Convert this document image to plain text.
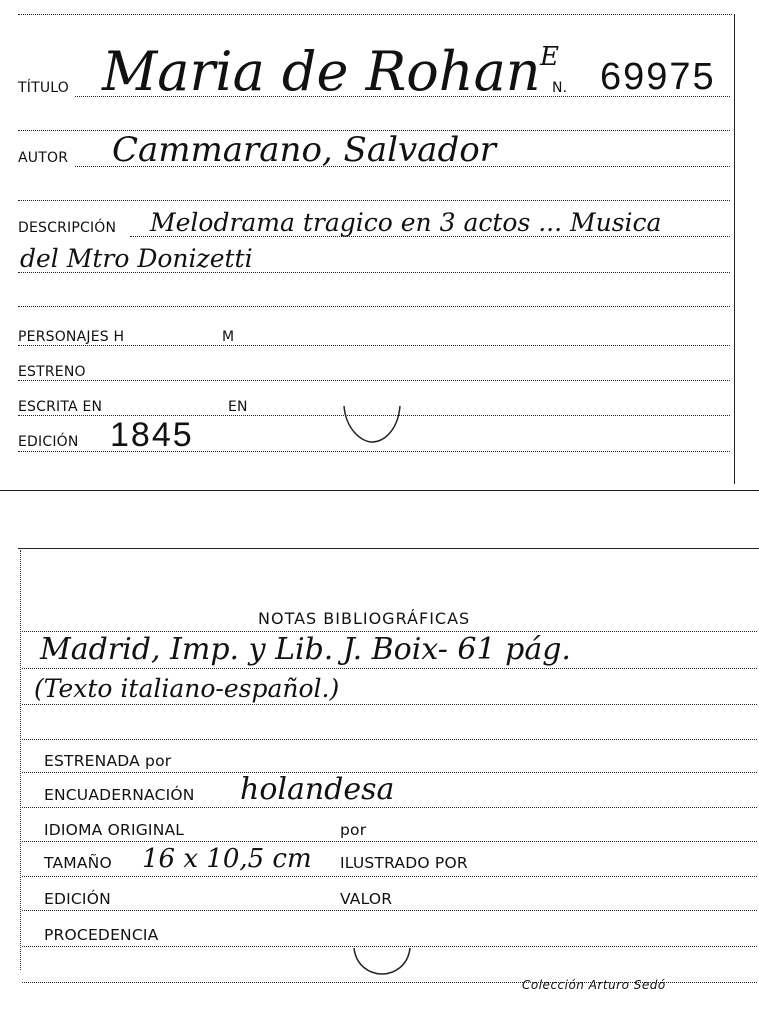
TÍTULO Maria de Rohan E
N. 69975
AUTOR Cammarano, Salvador
DESCRIPCIÓN Melodrama tragico en 3 actos ... Musica
del Mtro Donizetti
PERSONAJES H	M
ESTRENO
ESCRITA EN	EN
EDICIÓN 1845
NOTAS BIBLIOGRÁFICAS
Madrid, Imp. y Lib. J. Boix- 61 pág.
(Texto italiano-español.)
ESTRENADA por
ENCUADERNACIÓN holandesa
IDIOMA ORIGINAL	por
TAMAÑO 16 x 10,5 cm ILUSTRADO POR
EDICIÓN	VALOR
PROCEDENCIA
Colección Arturo Sedó
